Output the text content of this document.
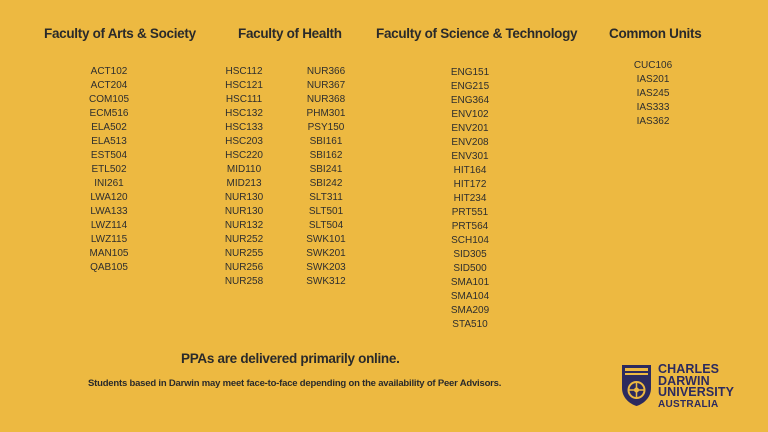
Faculty of Arts & Society	Faculty of Health	Faculty of Science & Technology Common Units
ACT102
ACT204
COM105
ECM516
ELA502
ELA513
EST504
ETL502
INI261
LWA120
LWA133
LWZ114
LWZ115
MAN105
QAB105
HSC112
HSC121
HSC111
HSC132
HSC133
HSC203
HSC220
MID110
MID213
NUR130
NUR130
NUR132
NUR252
NUR255
NUR256
NUR258
NUR366
NUR367
NUR368
PHM301
PSY150
SBI161
SBI162
SBI241
SBI242
SLT311
SLT501
SLT504
SWK101
SWK201
SWK203
SWK312
ENG151
ENG215
ENG364
ENV102
ENV201
ENV208
ENV301
HIT164
HIT172
HIT234
PRT551
PRT564
SCH104
SID305
SID500
SMA101
SMA104
SMA209
STA510
CUC106
IAS201
IAS245
IAS333
IAS362
PPAs are delivered primarily online.
Students based in Darwin may meet face-to-face depending on the availability of Peer Advisors.
CHARLES
DARWIN
UNIVERSITY
AUSTRALIA
